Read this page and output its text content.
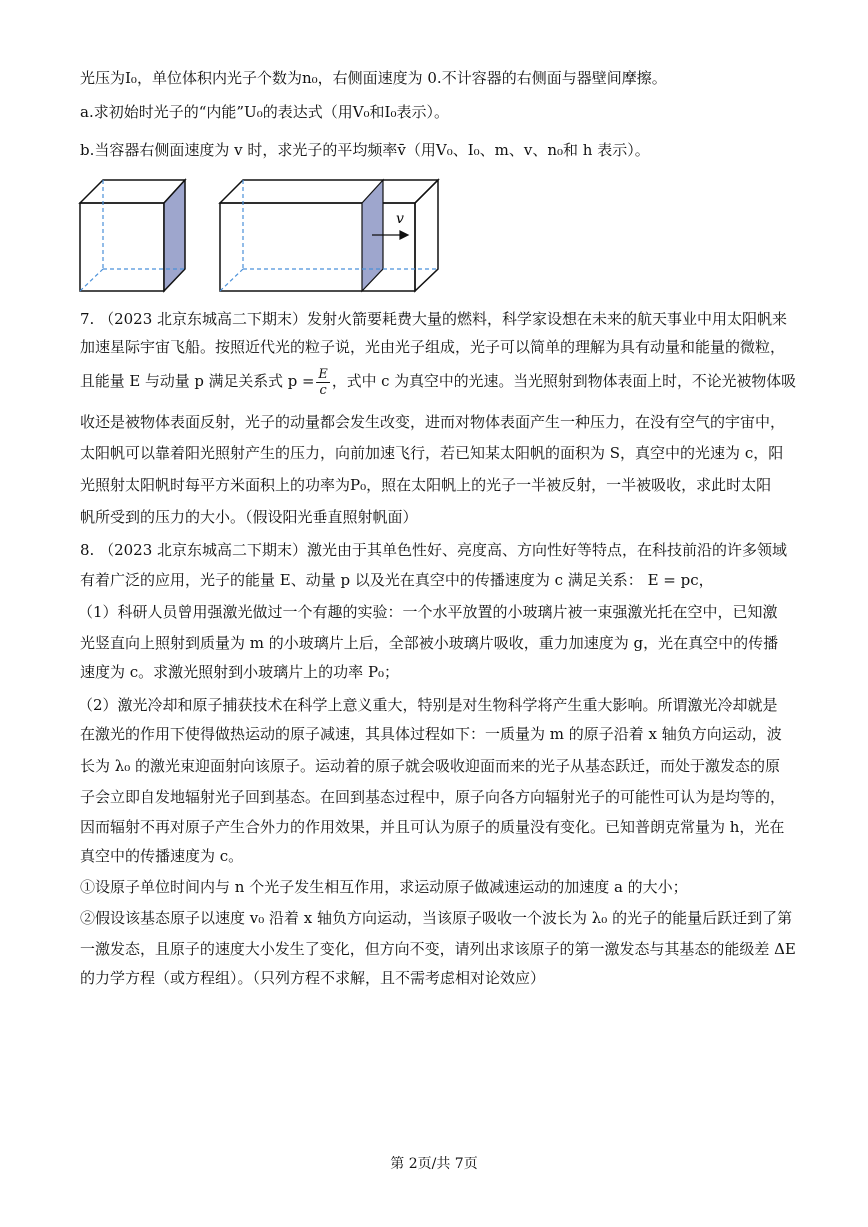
光压为I₀，单位体积内光子个数为n₀，右侧面速度为 0.不计容器的右侧面与器壁间摩擦。
a.求初始时光子的“内能”U₀的表达式（用V₀和I₀表示）。
b.当容器右侧面速度为 v 时，求光子的平均频率v̄（用V₀、I₀、m、v、n₀和 h 表示）。
v
7. （2023 北京东城高二下期末）发射火箭要耗费大量的燃料，科学家设想在未来的航天事业中用太阳帆来
加速星际宇宙飞船。按照近代光的粒子说，光由光子组成，光子可以简单的理解为具有动量和能量的微粒，
且能量 E 与动量 p 满足关系式 $p = \frac{E}{c}$ ，式中 c 为真空中的光速。当光照射到物体表面上时，不论光被物体吸
收还是被物体表面反射，光子的动量都会发生改变，进而对物体表面产生一种压力，在没有空气的宇宙中，
太阳帆可以靠着阳光照射产生的压力，向前加速飞行，若已知某太阳帆的面积为 S，真空中的光速为 c，阳
光照射太阳帆时每平方米面积上的功率为P₀，照在太阳帆上的光子一半被反射，一半被吸收，求此时太阳
帆所受到的压力的大小。（假设阳光垂直照射帆面）
8. （2023 北京东城高二下期末）激光由于其单色性好、亮度高、方向性好等特点，在科技前沿的许多领域
有着广泛的应用，光子的能量 E、动量 p 以及光在真空中的传播速度为 c 满足关系： E = pc，
（1）科研人员曾用强激光做过一个有趣的实验：一个水平放置的小玻璃片被一束强激光托在空中，已知激
光竖直向上照射到质量为 m 的小玻璃片上后，全部被小玻璃片吸收，重力加速度为 g，光在真空中的传播
速度为 c。求激光照射到小玻璃片上的功率 P₀；
（2）激光冷却和原子捕获技术在科学上意义重大，特别是对生物科学将产生重大影响。所谓激光冷却就是
在激光的作用下使得做热运动的原子减速，其具体过程如下：一质量为 m 的原子沿着 x 轴负方向运动，波
长为 λ₀ 的激光束迎面射向该原子。运动着的原子就会吸收迎面而来的光子从基态跃迁，而处于激发态的原
子会立即自发地辐射光子回到基态。在回到基态过程中，原子向各方向辐射光子的可能性可认为是均等的，
因而辐射不再对原子产生合外力的作用效果，并且可认为原子的质量没有变化。已知普朗克常量为 h，光在
真空中的传播速度为 c。
①设原子单位时间内与 n 个光子发生相互作用，求运动原子做减速运动的加速度 a 的大小；
②假设该基态原子以速度 v₀ 沿着 x 轴负方向运动，当该原子吸收一个波长为 λ₀ 的光子的能量后跃迁到了第
一激发态，且原子的速度大小发生了变化，但方向不变，请列出求该原子的第一激发态与其基态的能级差 ΔE
的力学方程（或方程组）。（只列方程不求解，且不需考虑相对论效应）
第 2页/共 7页
